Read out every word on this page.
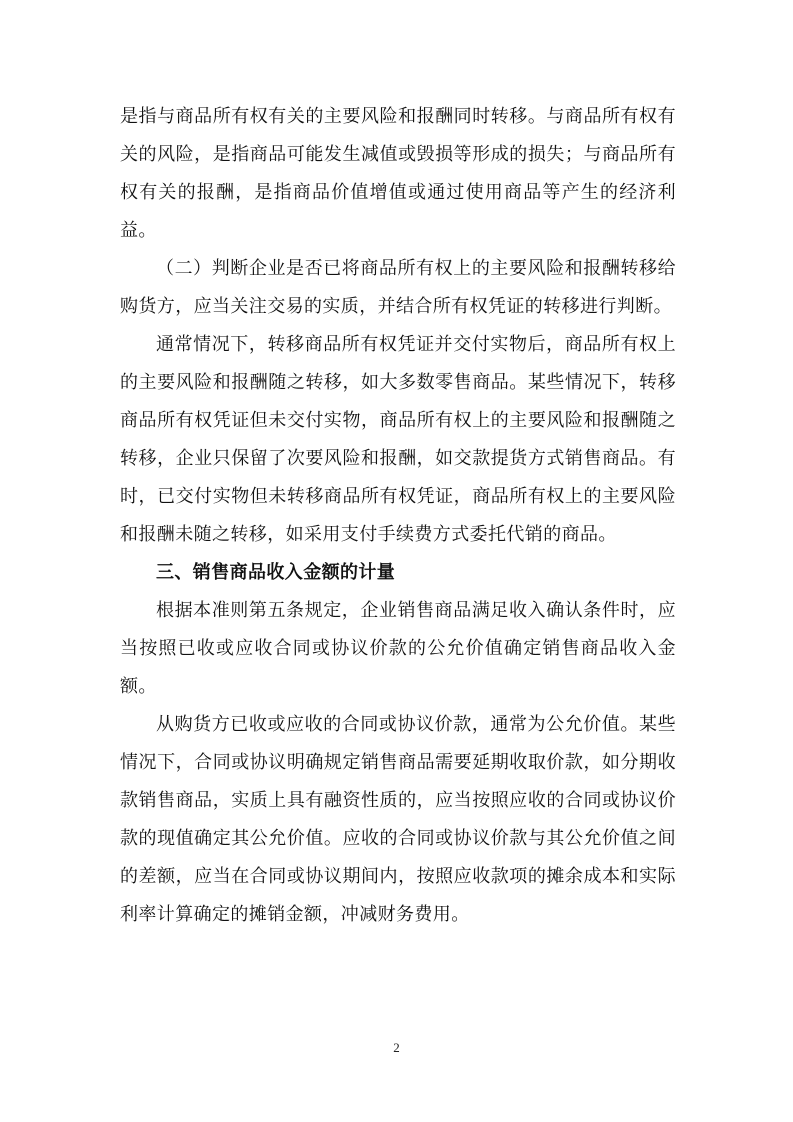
是指与商品所有权有关的主要风险和报酬同时转移。与商品所有权有关的风险，是指商品可能发生减值或毁损等形成的损失；与商品所有权有关的报酬，是指商品价值增值或通过使用商品等产生的经济利益。

（二）判断企业是否已将商品所有权上的主要风险和报酬转移给购货方，应当关注交易的实质，并结合所有权凭证的转移进行判断。

通常情况下，转移商品所有权凭证并交付实物后，商品所有权上的主要风险和报酬随之转移，如大多数零售商品。某些情况下，转移商品所有权凭证但未交付实物，商品所有权上的主要风险和报酬随之转移，企业只保留了次要风险和报酬，如交款提货方式销售商品。有时，已交付实物但未转移商品所有权凭证，商品所有权上的主要风险和报酬未随之转移，如采用支付手续费方式委托代销的商品。

三、销售商品收入金额的计量

根据本准则第五条规定，企业销售商品满足收入确认条件时，应当按照已收或应收合同或协议价款的公允价值确定销售商品收入金额。

从购货方已收或应收的合同或协议价款，通常为公允价值。某些情况下，合同或协议明确规定销售商品需要延期收取价款，如分期收款销售商品，实质上具有融资性质的，应当按照应收的合同或协议价款的现值确定其公允价值。应收的合同或协议价款与其公允价值之间的差额，应当在合同或协议期间内，按照应收款项的摊余成本和实际利率计算确定的摊销金额，冲减财务费用。

2
